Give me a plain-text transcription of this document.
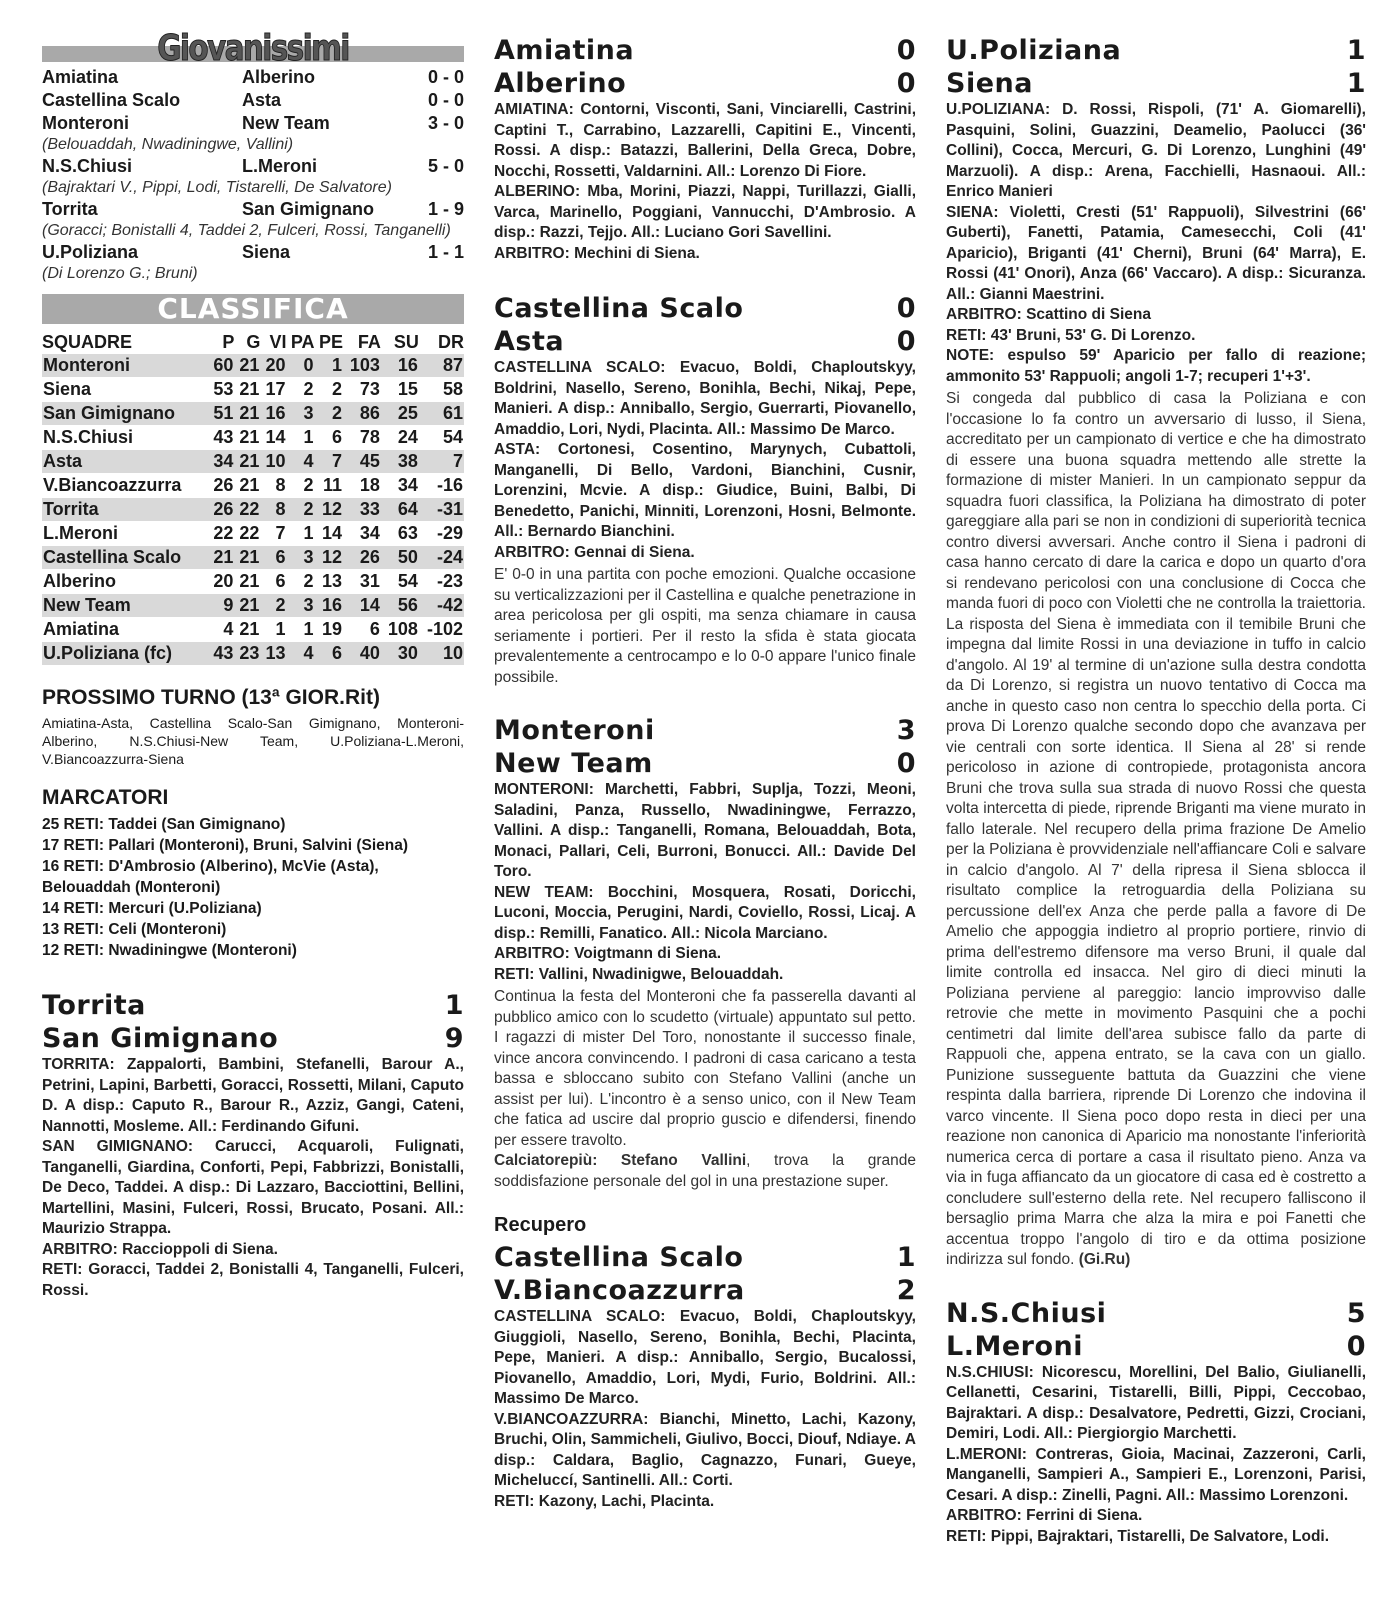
Giovanissimi
Amiatina	Alberino	0 - 0
Castellina Scalo	Asta	0 - 0
Monteroni	New Team	3 - 0
(Belouaddah, Nwadiningwe, Vallini)
N.S.Chiusi	L.Meroni	5 - 0
(Bajraktari V., Pippi, Lodi, Tistarelli, De Salvatore)
Torrita	San Gimignano	1 - 9
(Goracci; Bonistalli 4, Taddei 2, Fulceri, Rossi, Tanganelli)
U.Poliziana	Siena	1 - 1
(Di Lorenzo G.; Bruni)
CLASSIFICA
SQUADRE	P	G	VI	PA	PE	FA	SU	DR
Monteroni	60	21	20	0	1	103	16	87
Siena	53	21	17	2	2	73	15	58
San Gimignano	51	21	16	3	2	86	25	61
N.S.Chiusi	43	21	14	1	6	78	24	54
Asta	34	21	10	4	7	45	38	7
V.Biancoazzurra	26	21	8	2	11	18	34	-16
Torrita	26	22	8	2	12	33	64	-31
L.Meroni	22	22	7	1	14	34	63	-29
Castellina Scalo	21	21	6	3	12	26	50	-24
Alberino	20	21	6	2	13	31	54	-23
New Team	9	21	2	3	16	14	56	-42
Amiatina	4	21	1	1	19	6	108	-102
U.Poliziana (fc)	43	23	13	4	6	40	30	10
PROSSIMO TURNO (13ª GIOR.Rit)
Amiatina-Asta, Castellina Scalo-San Gimignano, Monteroni-Alberino, N.S.Chiusi-New Team, U.Poliziana-L.Meroni, V.Biancoazzurra-Siena
MARCATORI
25 RETI: Taddei (San Gimignano)
17 RETI: Pallari (Monteroni), Bruni, Salvini (Siena)
16 RETI: D'Ambrosio (Alberino), McVie (Asta), Belouaddah (Monteroni)
14 RETI: Mercuri (U.Poliziana)
13 RETI: Celi (Monteroni)
12 RETI: Nwadiningwe (Monteroni)
Torrita	1
San Gimignano	9
TORRITA: Zappalorti, Bambini, Stefanelli, Barour A., Petrini, Lapini, Barbetti, Goracci, Rossetti, Milani, Caputo D. A disp.: Caputo R., Barour R., Azziz, Gangi, Cateni, Nannotti, Mosleme. All.: Ferdinando Gifuni.
SAN GIMIGNANO: Carucci, Acquaroli, Fulignati, Tanganelli, Giardina, Conforti, Pepi, Fabbrizzi, Bonistalli, De Deco, Taddei. A disp.: Di Lazzaro, Bacciottini, Bellini, Martellini, Masini, Fulceri, Rossi, Brucato, Posani. All.: Maurizio Strappa.
ARBITRO: Raccioppoli di Siena.
RETI: Goracci, Taddei 2, Bonistalli 4, Tanganelli, Fulceri, Rossi.
Amiatina	0
Alberino	0
AMIATINA: Contorni, Visconti, Sani, Vinciarelli, Castrini, Captini T., Carrabino, Lazzarelli, Capitini E., Vincenti, Rossi. A disp.: Batazzi, Ballerini, Della Greca, Dobre, Nocchi, Rossetti, Valdarnini. All.: Lorenzo Di Fiore.
ALBERINO: Mba, Morini, Piazzi, Nappi, Turillazzi, Gialli, Varca, Marinello, Poggiani, Vannucchi, D'Ambrosio. A disp.: Razzi, Tejjo. All.: Luciano Gori Savellini.
ARBITRO: Mechini di Siena.
Castellina Scalo	0
Asta	0
CASTELLINA SCALO: Evacuo, Boldi, Chaploutskyy, Boldrini, Nasello, Sereno, Bonihla, Bechi, Nikaj, Pepe, Manieri. A disp.: Anniballo, Sergio, Guerrarti, Piovanello, Amaddio, Lori, Nydi, Placinta. All.: Massimo De Marco.
ASTA: Cortonesi, Cosentino, Marynych, Cubattoli, Manganelli, Di Bello, Vardoni, Bianchini, Cusnir, Lorenzini, Mcvie. A disp.: Giudice, Buini, Balbi, Di Benedetto, Panichi, Minniti, Lorenzoni, Hosni, Belmonte. All.: Bernardo Bianchini.
ARBITRO: Gennai di Siena.
E' 0-0 in una partita con poche emozioni. Qualche occasione su verticalizzazioni per il Castellina e qualche penetrazione in area pericolosa per gli ospiti, ma senza chiamare in causa seriamente i portieri. Per il resto la sfida è stata giocata prevalentemente a centrocampo e lo 0-0 appare l'unico finale possibile.
Monteroni	3
New Team	0
MONTERONI: Marchetti, Fabbri, Suplja, Tozzi, Meoni, Saladini, Panza, Russello, Nwadiningwe, Ferrazzo, Vallini. A disp.: Tanganelli, Romana, Belouaddah, Bota, Monaci, Pallari, Celi, Burroni, Bonucci. All.: Davide Del Toro.
NEW TEAM: Bocchini, Mosquera, Rosati, Doricchi, Luconi, Moccia, Perugini, Nardi, Coviello, Rossi, Licaj. A disp.: Remilli, Fanatico. All.: Nicola Marciano.
ARBITRO: Voigtmann di Siena.
RETI: Vallini, Nwadinigwe, Belouaddah.
Continua la festa del Monteroni che fa passerella davanti al pubblico amico con lo scudetto (virtuale) appuntato sul petto. I ragazzi di mister Del Toro, nonostante il successo finale, vince ancora convincendo. I padroni di casa caricano a testa bassa e sbloccano subito con Stefano Vallini (anche un assist per lui). L'incontro è a senso unico, con il New Team che fatica ad uscire dal proprio guscio e difendersi, finendo per essere travolto.
Calciatorepiù: Stefano Vallini, trova la grande soddisfazione personale del gol in una prestazione super.
Recupero
Castellina Scalo	1
V.Biancoazzurra	2
CASTELLINA SCALO: Evacuo, Boldi, Chaploutskyy, Giuggioli, Nasello, Sereno, Bonihla, Bechi, Placinta, Pepe, Manieri. A disp.: Anniballo, Sergio, Bucalossi, Piovanello, Amaddio, Lori, Mydi, Furio, Boldrini. All.: Massimo De Marco.
V.BIANCOAZZURRA: Bianchi, Minetto, Lachi, Kazony, Bruchi, Olin, Sammicheli, Giulivo, Bocci, Diouf, Ndiaye. A disp.: Caldara, Baglio, Cagnazzo, Funari, Gueye, Micheluccí, Santinelli. All.: Corti.
RETI: Kazony, Lachi, Placinta.
U.Poliziana	1
Siena	1
U.POLIZIANA: D. Rossi, Rispoli, (71' A. Giomarelli), Pasquini, Solini, Guazzini, Deamelio, Paolucci (36' Collini), Cocca, Mercuri, G. Di Lorenzo, Lunghini (49' Marzuoli). A disp.: Arena, Facchielli, Hasnaoui. All.: Enrico Manieri
SIENA: Violetti, Cresti (51' Rappuoli), Silvestrini (66' Guberti), Fanetti, Patamia, Camesecchi, Coli (41' Aparicio), Briganti (41' Cherni), Bruni (64' Marra), E. Rossi (41' Onori), Anza (66' Vaccaro). A disp.: Sicuranza. All.: Gianni Maestrini.
ARBITRO: Scattino di Siena
RETI: 43' Bruni, 53' G. Di Lorenzo.
NOTE: espulso 59' Aparicio per fallo di reazione; ammonito 53' Rappuoli; angoli 1-7; recuperi 1'+3'.
Si congeda dal pubblico di casa la Poliziana e con l'occasione lo fa contro un avversario di lusso, il Siena, accreditato per un campionato di vertice e che ha dimostrato di essere una buona squadra mettendo alle strette la formazione di mister Manieri. In un campionato seppur da squadra fuori classifica, la Poliziana ha dimostrato di poter gareggiare alla pari se non in condizioni di superiorità tecnica contro diversi avversari. Anche contro il Siena i padroni di casa hanno cercato di dare la carica e dopo un quarto d'ora si rendevano pericolosi con una conclusione di Cocca che manda fuori di poco con Violetti che ne controlla la traiettoria. La risposta del Siena è immediata con il temibile Bruni che impegna dal limite Rossi in una deviazione in tuffo in calcio d'angolo. Al 19' al termine di un'azione sulla destra condotta da Di Lorenzo, si registra un nuovo tentativo di Cocca ma anche in questo caso non centra lo specchio della porta. Ci prova Di Lorenzo qualche secondo dopo che avanzava per vie centrali con sorte identica. Il Siena al 28' si rende pericoloso in azione di contropiede, protagonista ancora Bruni che trova sulla sua strada di nuovo Rossi che questa volta intercetta di piede, riprende Briganti ma viene murato in fallo laterale. Nel recupero della prima frazione De Amelio per la Poliziana è provvidenziale nell'affiancare Coli e salvare in calcio d'angolo. Al 7' della ripresa il Siena sblocca il risultato complice la retroguardia della Poliziana su percussione dell'ex Anza che perde palla a favore di De Amelio che appoggia indietro al proprio portiere, rinvio di prima dell'estremo difensore ma verso Bruni, il quale dal limite controlla ed insacca. Nel giro di dieci minuti la Poliziana perviene al pareggio: lancio improvviso dalle retrovie che mette in movimento Pasquini che a pochi centimetri dal limite dell'area subisce fallo da parte di Rappuoli che, appena entrato, se la cava con un giallo. Punizione susseguente battuta da Guazzini che viene respinta dalla barriera, riprende Di Lorenzo che indovina il varco vincente. Il Siena poco dopo resta in dieci per una reazione non canonica di Aparicio ma nonostante l'inferiorità numerica cerca di portare a casa il risultato pieno. Anza va via in fuga affiancato da un giocatore di casa ed è costretto a concludere sull'esterno della rete. Nel recupero falliscono il bersaglio prima Marra che alza la mira e poi Fanetti che accentua troppo l'angolo di tiro e da ottima posizione indirizza sul fondo. (Gi.Ru)
N.S.Chiusi	5
L.Meroni	0
N.S.CHIUSI: Nicorescu, Morellini, Del Balio, Giulianelli, Cellanetti, Cesarini, Tistarelli, Billi, Pippi, Ceccobao, Bajraktari. A disp.: Desalvatore, Pedretti, Gizzi, Crociani, Demiri, Lodi. All.: Piergiorgio Marchetti.
L.MERONI: Contreras, Gioia, Macinai, Zazzeroni, Carli, Manganelli, Sampieri A., Sampieri E., Lorenzoni, Parisi, Cesari. A disp.: Zinelli, Pagni. All.: Massimo Lorenzoni.
ARBITRO: Ferrini di Siena.
RETI: Pippi, Bajraktari, Tistarelli, De Salvatore, Lodi.
